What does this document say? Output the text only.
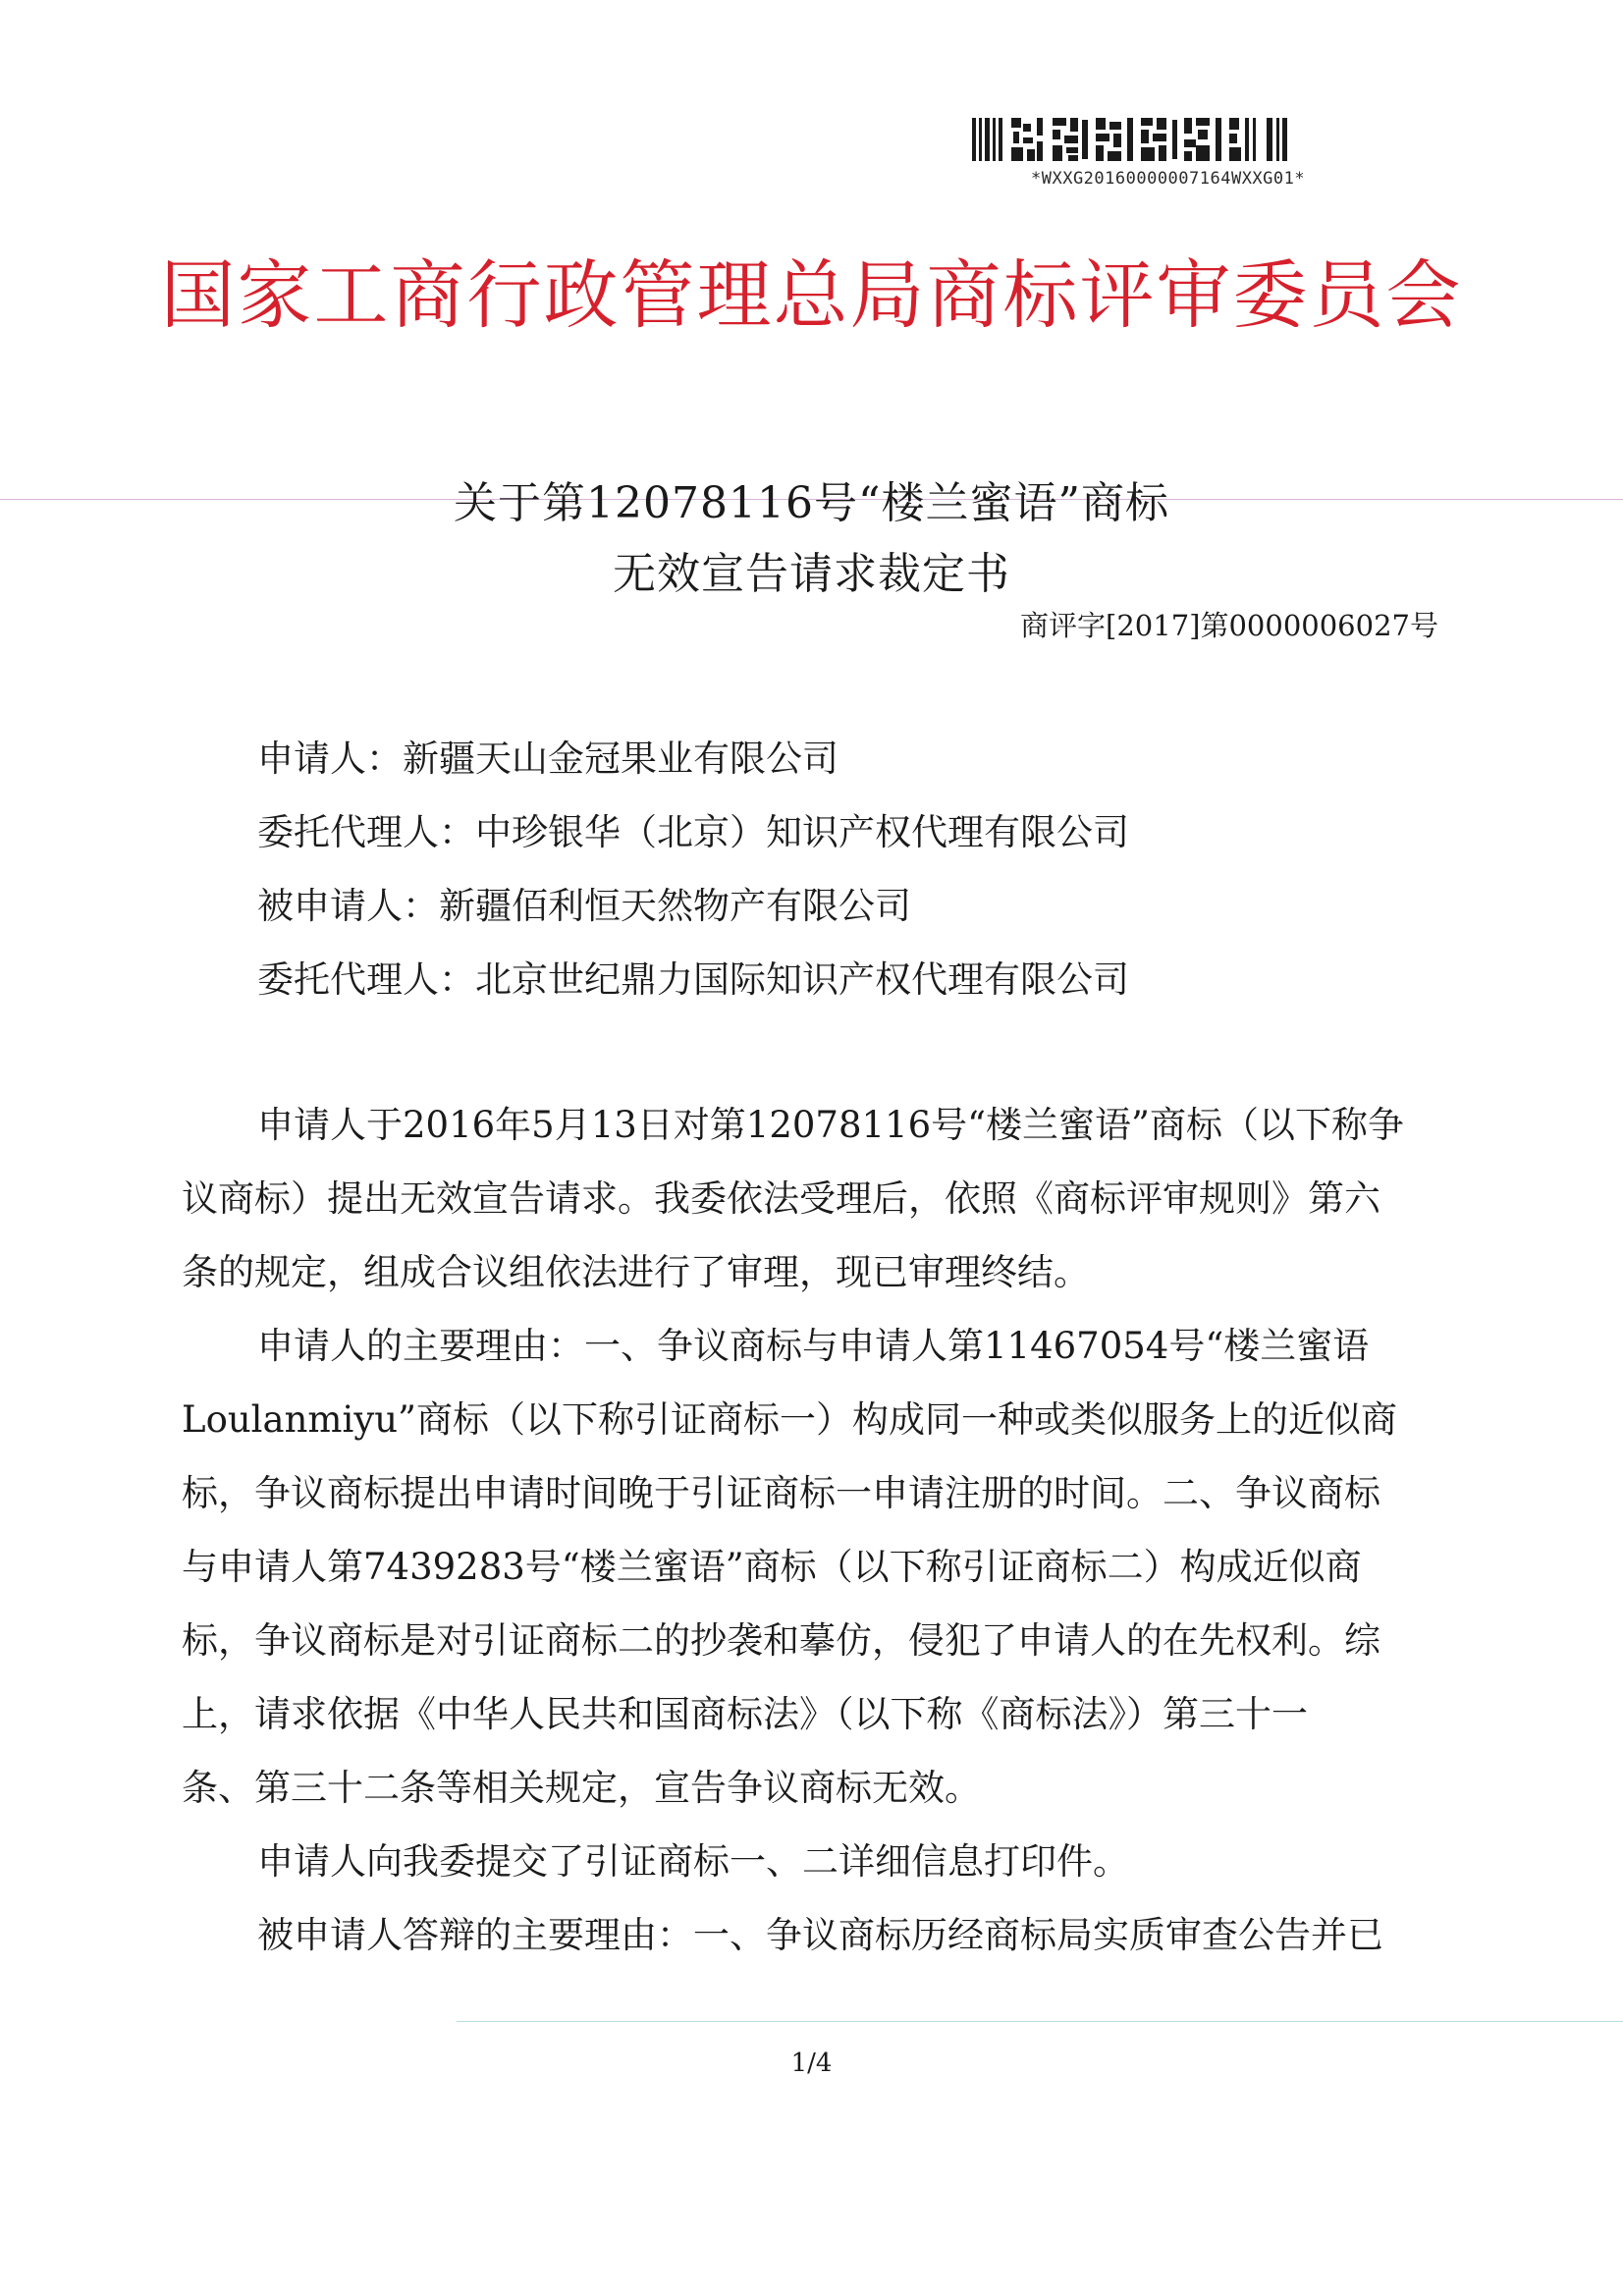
*WXXG20160000007164WXXG01*
国家工商行政管理总局商标评审委员会
关于第12078116号“楼兰蜜语”商标
无效宣告请求裁定书
商评字[2017]第0000006027号
申请人：新疆天山金冠果业有限公司
委托代理人：中珍银华（北京）知识产权代理有限公司
被申请人：新疆佰利恒天然物产有限公司
委托代理人：北京世纪鼎力国际知识产权代理有限公司
申请人于2016年5月13日对第12078116号“楼兰蜜语”商标（以下称争
议商标）提出无效宣告请求。我委依法受理后，依照《商标评审规则》第六
条的规定，组成合议组依法进行了审理，现已审理终结。
申请人的主要理由：一、争议商标与申请人第11467054号“楼兰蜜语
Loulanmiyu”商标（以下称引证商标一）构成同一种或类似服务上的近似商
标，争议商标提出申请时间晚于引证商标一申请注册的时间。二、争议商标
与申请人第7439283号“楼兰蜜语”商标（以下称引证商标二）构成近似商
标，争议商标是对引证商标二的抄袭和摹仿，侵犯了申请人的在先权利。综
上，请求依据《中华人民共和国商标法》（以下称《商标法》）第三十一
条、第三十二条等相关规定，宣告争议商标无效。
申请人向我委提交了引证商标一、二详细信息打印件。
被申请人答辩的主要理由：一、争议商标历经商标局实质审查公告并已
1/4
